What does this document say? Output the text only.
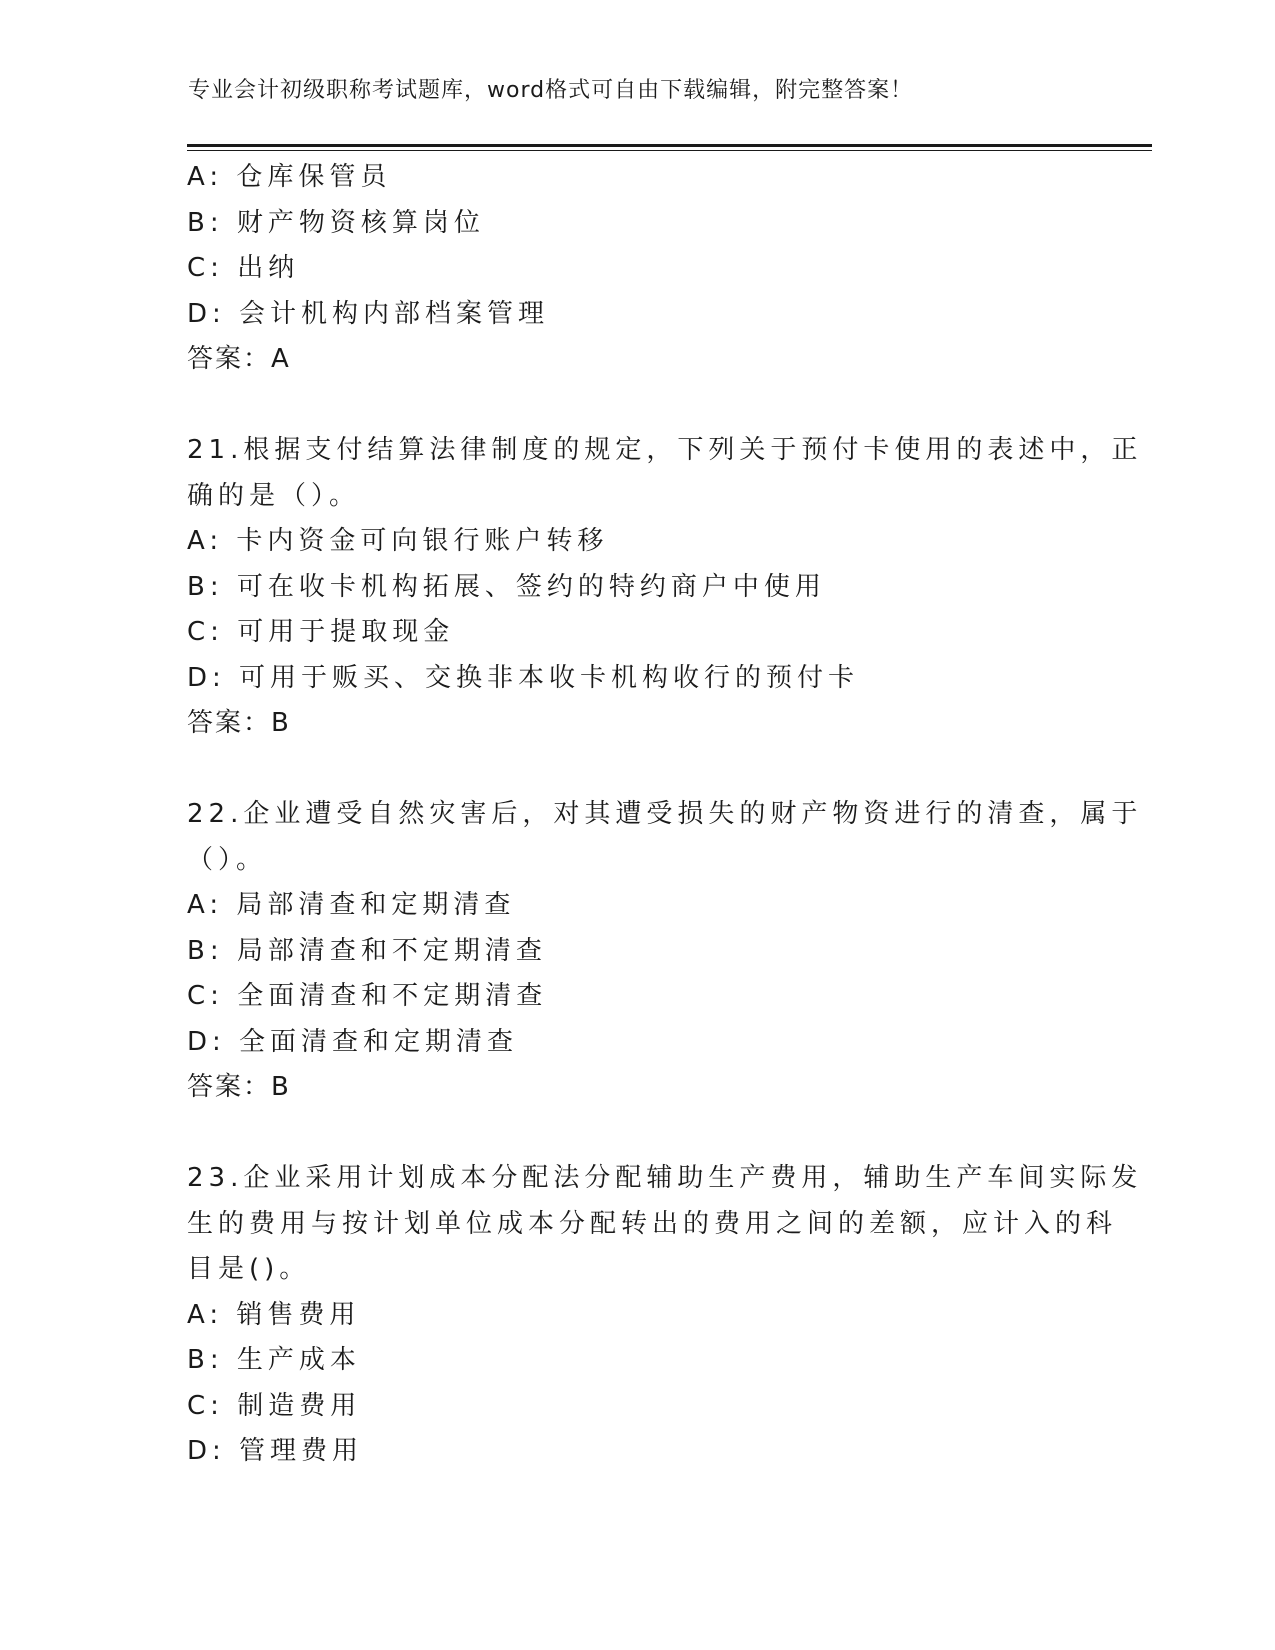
专业会计初级职称考试题库，word格式可自由下载编辑，附完整答案！
A: 仓库保管员
B: 财产物资核算岗位
C: 出纳
D: 会计机构内部档案管理
答案：A
21.根据支付结算法律制度的规定，下列关于预付卡使用的表述中，正
确的是（）。
A: 卡内资金可向银行账户转移
B: 可在收卡机构拓展、签约的特约商户中使用
C: 可用于提取现金
D: 可用于贩买、交换非本收卡机构收行的预付卡
答案：B
22.企业遭受自然灾害后，对其遭受损失的财产物资进行的清查，属于
（）。
A: 局部清查和定期清查
B: 局部清查和不定期清查
C: 全面清查和不定期清查
D: 全面清查和定期清查
答案：B
23.企业采用计划成本分配法分配辅助生产费用，辅助生产车间实际发
生的费用与按计划单位成本分配转出的费用之间的差额，应计入的科
目是()。
A: 销售费用
B: 生产成本
C: 制造费用
D: 管理费用
